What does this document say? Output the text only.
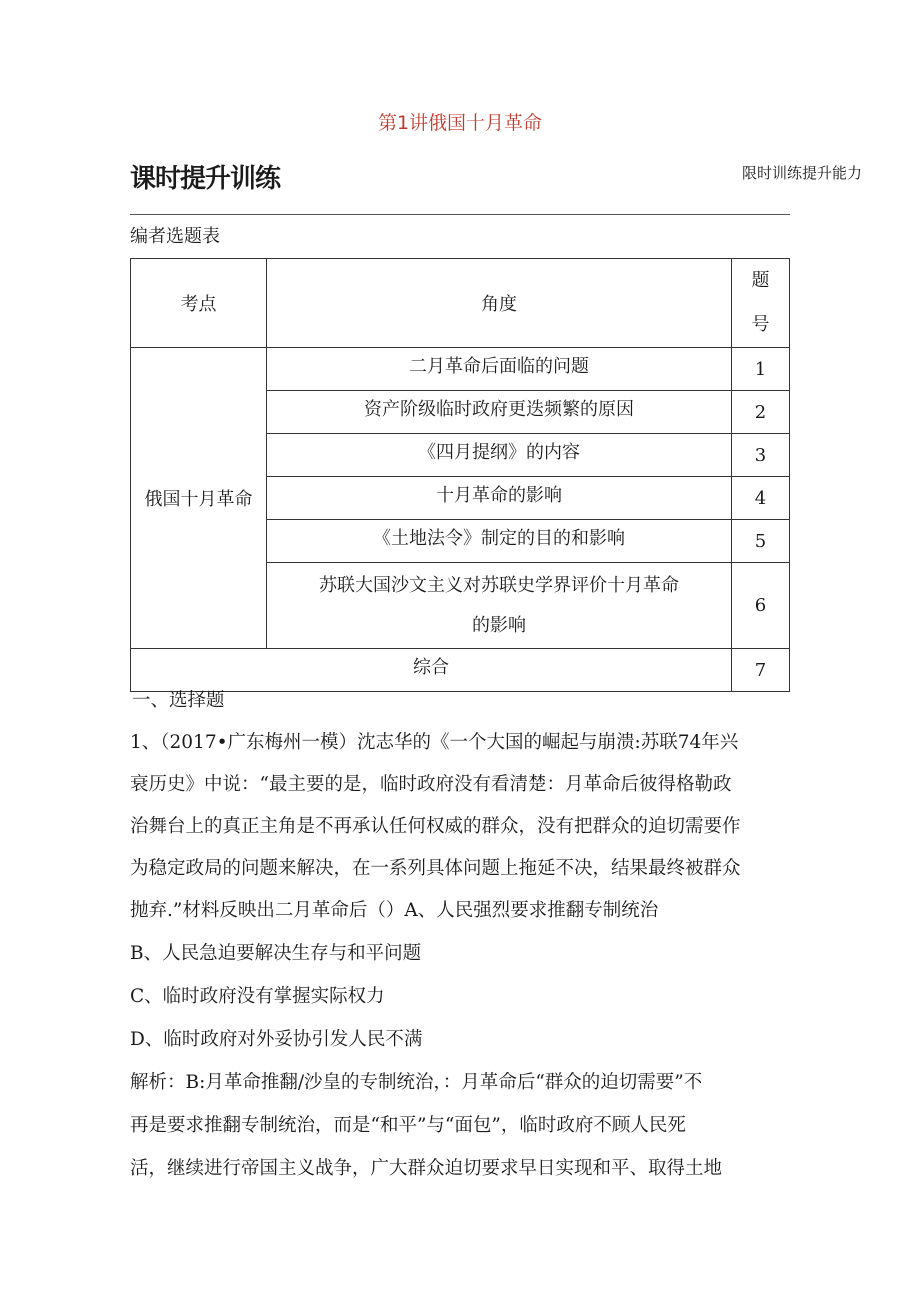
第1讲俄国十月革命
课时提升训练	限时训练提升能力
编者选题表
考点	角度	题
号

俄国十月革命	二月革命后面临的问题	1
	资产阶级临时政府更迭频繁的原因	2
	《四月提纲》的内容	3
	十月革命的影响	4
	《土地法令》制定的目的和影响	5

	苏联大国沙文主义对苏联史学界评价十月革命
的影响	6
综合		7
一、选择题
1、（2017•广东梅州一模）沈志华的《一个大国的崛起与崩溃:苏联74年兴
衰历史》中说：“最主要的是，临时政府没有看清楚：月革命后彼得格勒政
治舞台上的真正主角是不再承认任何权威的群众，没有把群众的迫切需要作
为稳定政局的问题来解决，在一系列具体问题上拖延不决，结果最终被群众
抛弃.”材料反映出二月革命后（）A、人民强烈要求推翻专制统治
B、人民急迫要解决生存与和平问题
C、临时政府没有掌握实际权力
D、临时政府对外妥协引发人民不满
解析：B:月革命推翻/沙皇的专制统治，：月革命后“群众的迫切需要”不
再是要求推翻专制统治，而是“和平”与“面包”，临时政府不顾人民死
活，继续进行帝国主义战争，广大群众迫切要求早日实现和平、取得土地
